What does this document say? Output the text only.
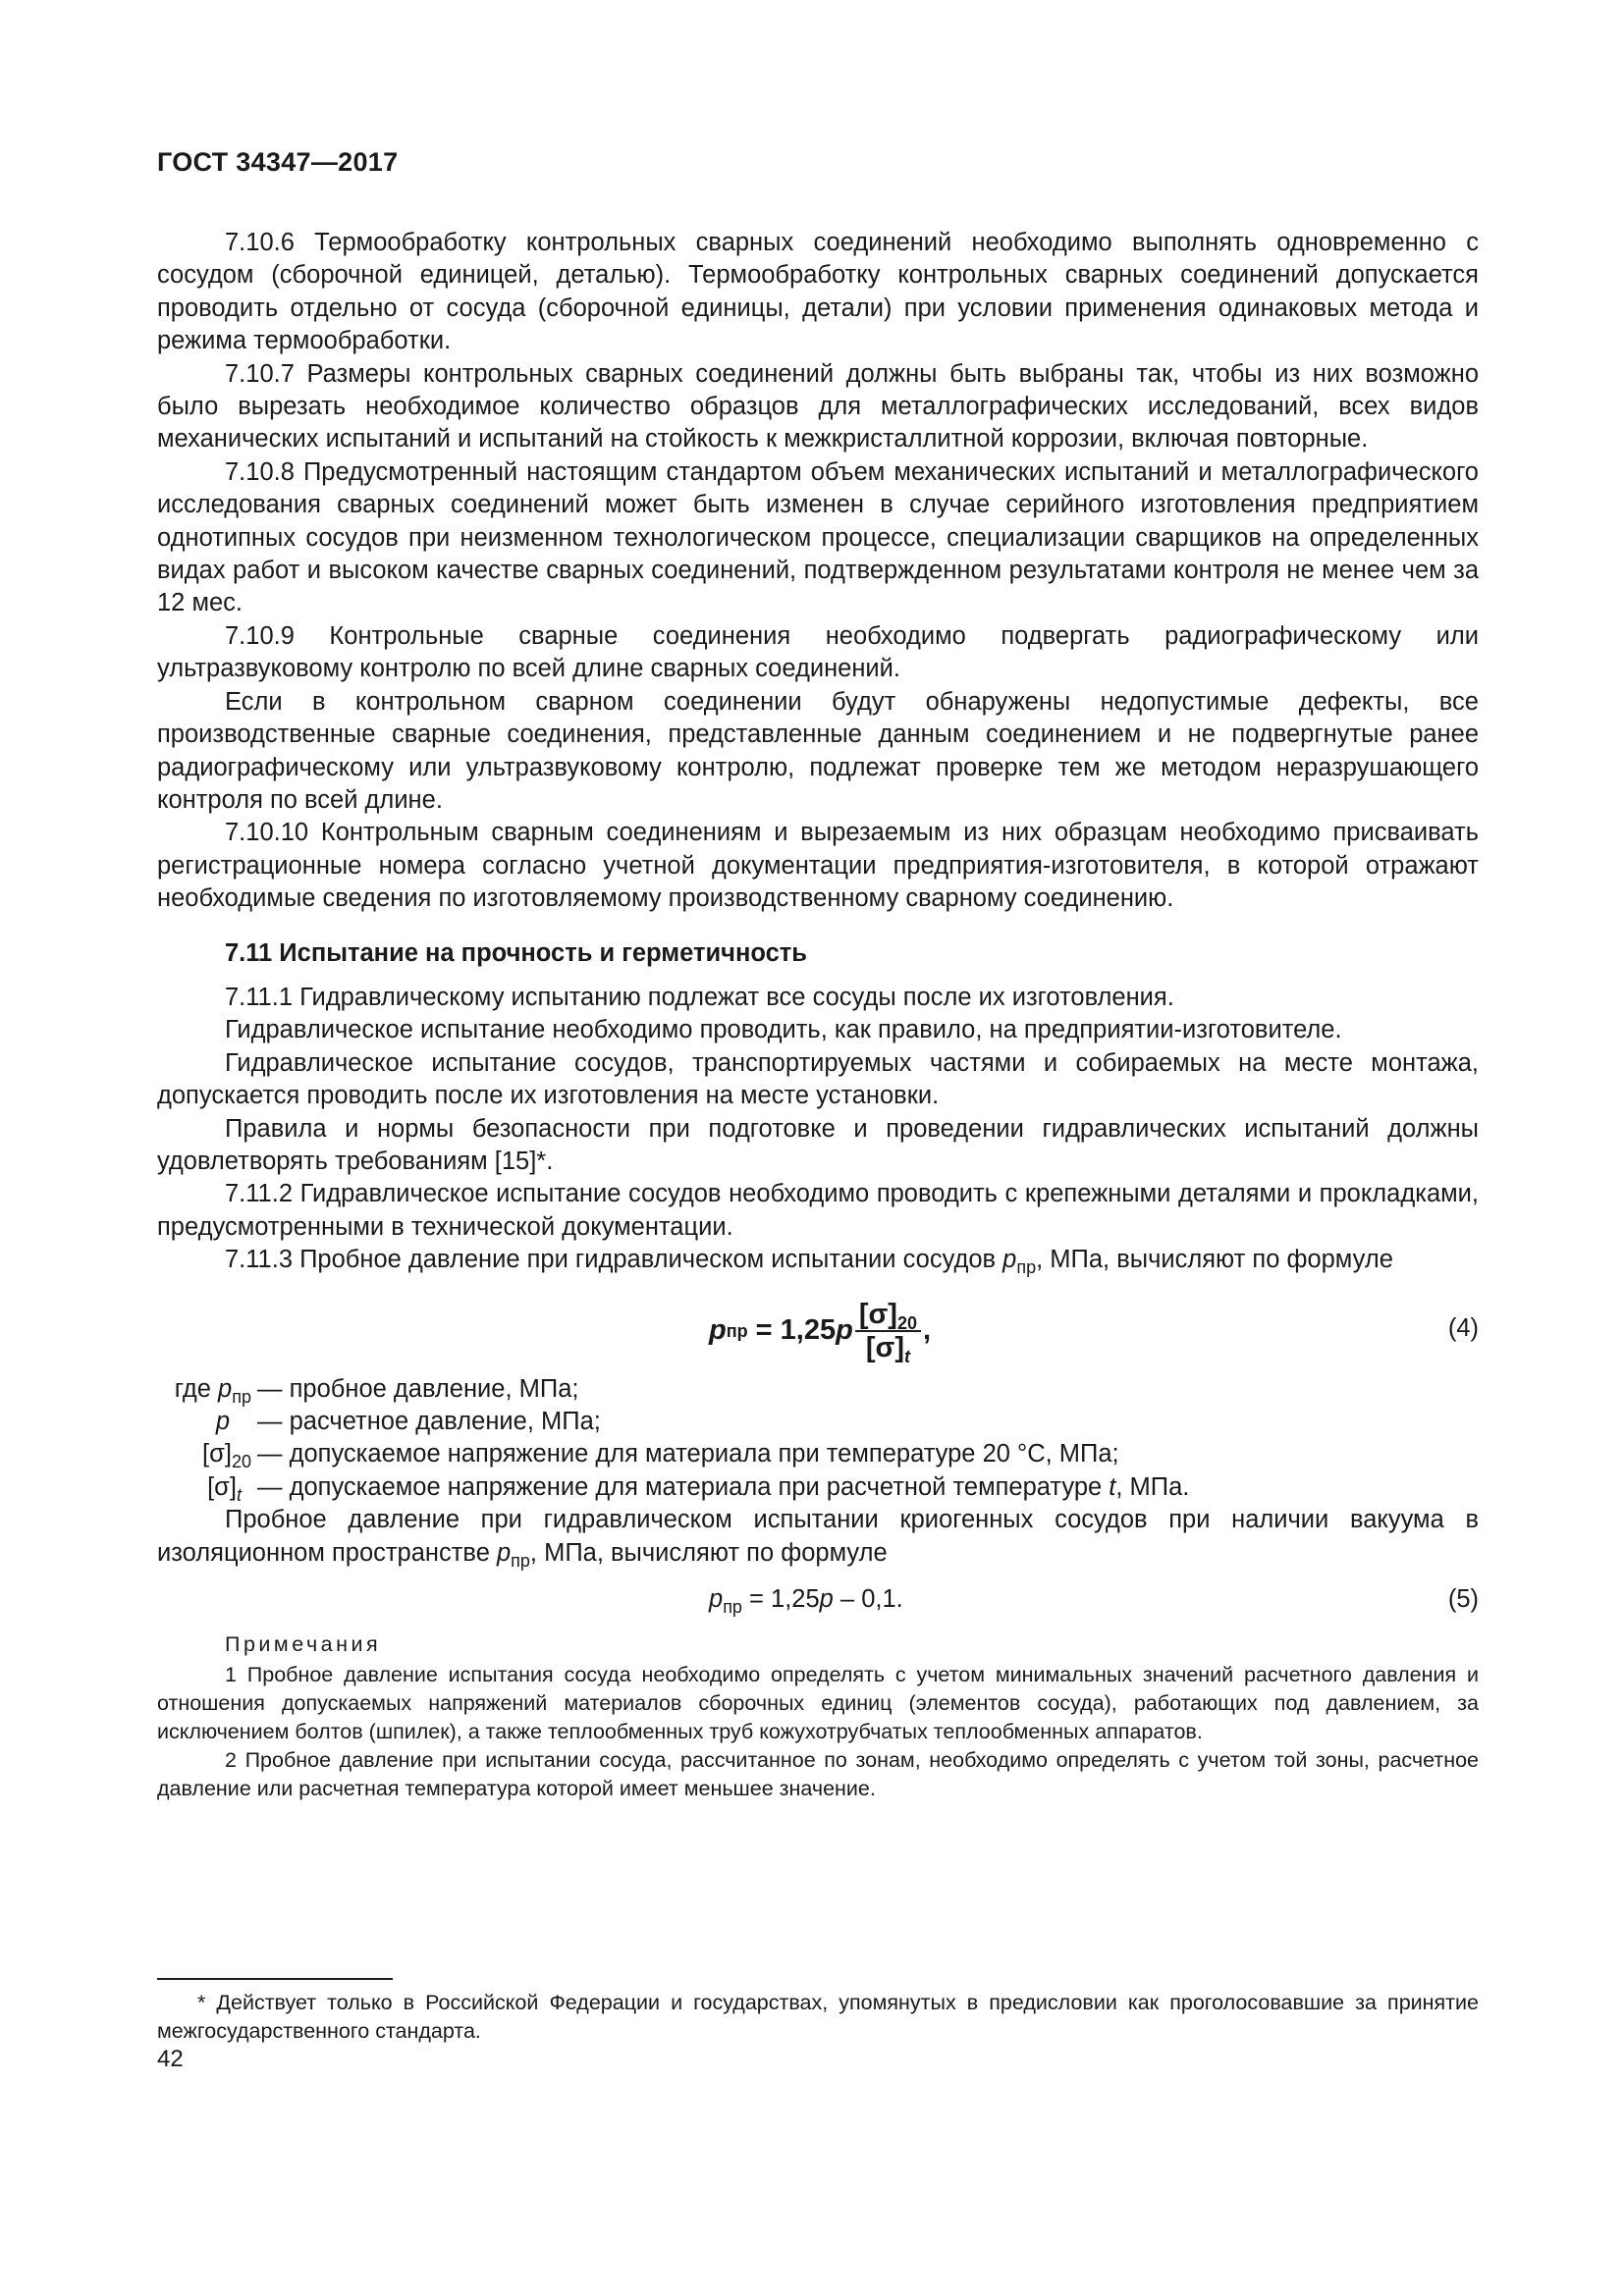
ГОСТ 34347—2017

7.10.6 Термообработку контрольных сварных соединений необходимо выполнять одновременно с сосудом (сборочной единицей, деталью). Термообработку контрольных сварных соединений допускается проводить отдельно от сосуда (сборочной единицы, детали) при условии применения одинаковых метода и режима термообработки.

7.10.7 Размеры контрольных сварных соединений должны быть выбраны так, чтобы из них возможно было вырезать необходимое количество образцов для металлографических исследований, всех видов механических испытаний и испытаний на стойкость к межкристаллитной коррозии, включая повторные.

7.10.8 Предусмотренный настоящим стандартом объем механических испытаний и металлографического исследования сварных соединений может быть изменен в случае серийного изготовления предприятием однотипных сосудов при неизменном технологическом процессе, специализации сварщиков на определенных видах работ и высоком качестве сварных соединений, подтвержденном результатами контроля не менее чем за 12 мес.

7.10.9 Контрольные сварные соединения необходимо подвергать радиографическому или ультразвуковому контролю по всей длине сварных соединений.

Если в контрольном сварном соединении будут обнаружены недопустимые дефекты, все производственные сварные соединения, представленные данным соединением и не подвергнутые ранее радиографическому или ультразвуковому контролю, подлежат проверке тем же методом неразрушающего контроля по всей длине.

7.10.10 Контрольным сварным соединениям и вырезаемым из них образцам необходимо присваивать регистрационные номера согласно учетной документации предприятия-изготовителя, в которой отражают необходимые сведения по изготовляемому производственному сварному соединению.

7.11 Испытание на прочность и герметичность

7.11.1 Гидравлическому испытанию подлежат все сосуды после их изготовления.

Гидравлическое испытание необходимо проводить, как правило, на предприятии-изготовителе.

Гидравлическое испытание сосудов, транспортируемых частями и собираемых на месте монтажа, допускается проводить после их изготовления на месте установки.

Правила и нормы безопасности при подготовке и проведении гидравлических испытаний должны удовлетворять требованиям [15]*.

7.11.2 Гидравлическое испытание сосудов необходимо проводить с крепежными деталями и прокладками, предусмотренными в технической документации.

7.11.3 Пробное давление при гидравлическом испытании сосудов $p_{пр}$, МПа, вычисляют по формуле

p пр = 1,25 p $\frac{[\sigma]_{20}}{[\sigma]_t}$ ,	(4)
где $p_{пр}$ — пробное давление, МПа;
p	— расчетное давление, МПа;
$[\sigma]_{20}$ — допускаемое напряжение для материала при температуре 20 °С, МПа;
$[\sigma]_t$ — допускаемое напряжение для материала при расчетной температуре t, МПа.

Пробное давление при гидравлическом испытании криогенных сосудов при наличии вакуума в изоляционном пространстве $p_{пр}$, МПа, вычисляют по формуле

$p_{пр} = 1,25p - 0,1$.	(5)

Примечания

1 Пробное давление испытания сосуда необходимо определять с учетом минимальных значений расчетного давления и отношения допускаемых напряжений материалов сборочных единиц (элементов сосуда), работающих под давлением, за исключением болтов (шпилек), а также теплообменных труб кожухотрубчатых теплообменных аппаратов.

2 Пробное давление при испытании сосуда, рассчитанное по зонам, необходимо определять с учетом той зоны, расчетное давление или расчетная температура которой имеет меньшее значение.

* Действует только в Российской Федерации и государствах, упомянутых в предисловии как проголосовавшие за принятие межгосударственного стандарта.
42
